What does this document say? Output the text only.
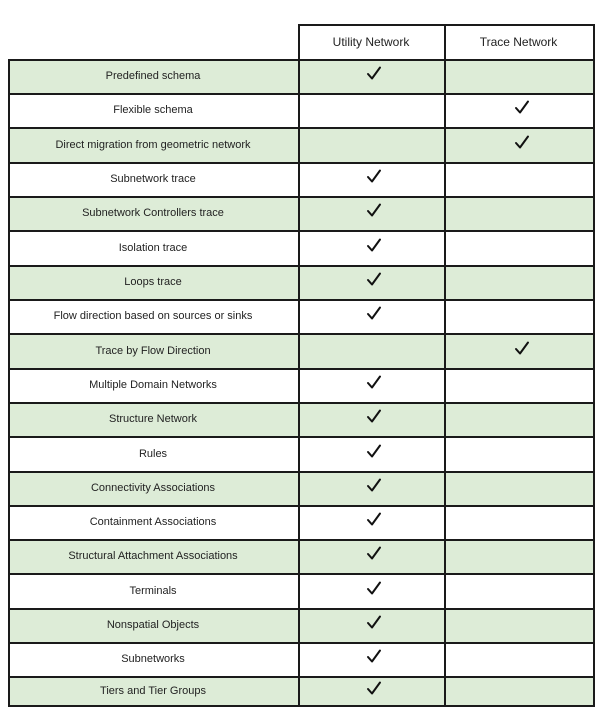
Utility Network	Trace Network
Predefined schema
Flexible schema
Direct migration from geometric network
Subnetwork trace
Subnetwork Controllers trace
Isolation trace
Loops trace
Flow direction based on sources or sinks
Trace by Flow Direction
Multiple Domain Networks
Structure Network
Rules
Connectivity Associations
Containment Associations
Structural Attachment Associations
Terminals
Nonspatial Objects
Subnetworks
Tiers and Tier Groups
